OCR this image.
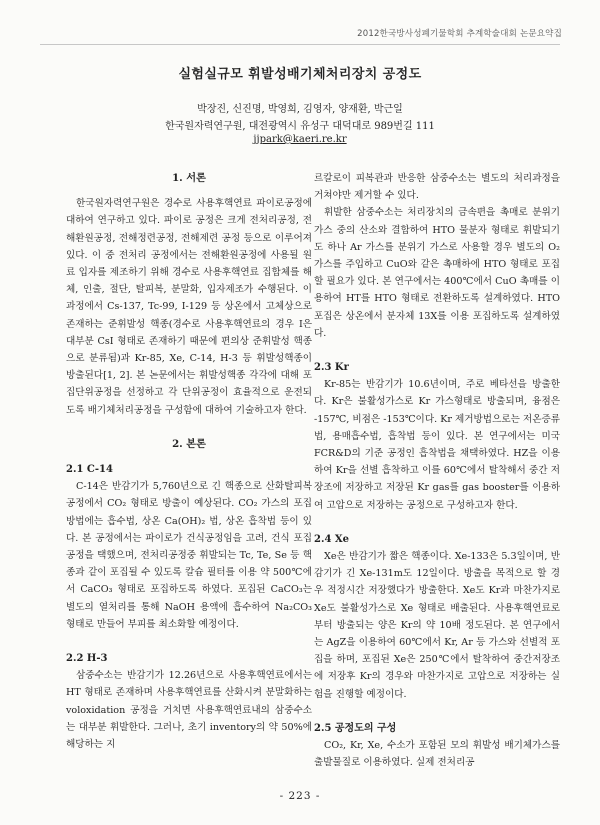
2012한국방사성폐기물학회 추계학술대회 논문요약집
실험실규모 휘발성배기체처리장치 공정도
박장진, 신진명, 박영희, 김영자, 양재환, 박근일
한국원자력연구원, 대전광역시 유성구 대덕대로 989번길 111
jjpark@kaeri.re.kr

1. 서론

한국원자력연구원은 경수로 사용후핵연료 파이로공정에 대하여 연구하고 있다. 파이로 공정은 크게 전처리공정, 전해환원공정, 전해정련공정, 전해제련 공정 등으로 이루어져 있다. 이 중 전처리 공정에서는 전해환원공정에 사용될 원료 입자를 제조하기 위해 경수로 사용후핵연료 집합체를 해체, 인출, 절단, 탈피복, 분말화, 입자제조가 수행된다. 이 과정에서 Cs-137, Tc-99, I-129 등 상온에서 고체상으로 존재하는 준휘발성 핵종(경수로 사용후핵연료의 경우 I은 대부분 CsI 형태로 존재하기 때문에 편의상 준휘발성 핵종으로 분류됨)과 Kr-85, Xe, C-14, H-3 등 휘발성핵종이 방출된다[1, 2]. 본 논문에서는 휘발성핵종 각각에 대해 포집단위공정을 선정하고 각 단위공정이 효율적으로 운전되도록 배기체처리공정을 구성함에 대하여 기술하고자 한다.

2. 본론

2.1 C-14

C-14은 반감기가 5,760년으로 긴 핵종으로 산화탈피복공정에서 CO₂ 형태로 방출이 예상된다. CO₂ 가스의 포집방법에는 흡수법, 상온 Ca(OH)₂ 법, 상온 흡착법 등이 있다. 본 공정에서는 파이로가 건식공정임을 고려, 건식 포집공정을 택했으며, 전처리공정중 휘발되는 Tc, Te, Se 등 핵종과 같이 포집될 수 있도록 칼슘 필터를 이용 약 500℃에서 CaCO₃ 형태로 포집하도록 하였다. 포집된 CaCO₃는 별도의 열처리를 통해 NaOH 용액에 흡수하여 Na₂CO₃ 형태로 만들어 부피를 최소화할 예정이다.

2.2 H-3

삼중수소는 반감기가 12.26년으로 사용후핵연료에서는 HT 형태로 존재하며 사용후핵연료를 산화시켜 분말화하는 voloxidation 공정을 거치면 사용후핵연료내의 삼중수소는 대부분 휘발한다. 그러나, 초기 inventory의 약 50%에 해당하는 지

르칼로이 피복관과 반응한 삼중수소는 별도의 처리과정을 거쳐야만 제거할 수 있다.

휘발한 삼중수소는 처리장치의 금속편을 촉매로 분위기가스 중의 산소와 결합하여 HTO 물분자 형태로 휘발되기도 하나 Ar 가스를 분위기 가스로 사용할 경우 별도의 O₂ 가스를 주입하고 CuO와 같은 촉매하에 HTO 형태로 포집할 필요가 있다. 본 연구에서는 400℃에서 CuO 촉매를 이용하여 HT를 HTO 형태로 전환하도록 설계하였다. HTO 포집은 상온에서 분자체 13X를 이용 포집하도록 설계하였다.

2.3 Kr

Kr-85는 반감기가 10.6년이며, 주로 베타선을 방출한다. Kr은 불활성가스로 Kr 가스형태로 방출되며, 융점은 -157℃, 비점은 -153℃이다. Kr 제거방법으로는 저온증류법, 용매흡수법, 흡착법 등이 있다. 본 연구에서는 미국 FCR&D의 기준 공정인 흡착법을 채택하였다. HZ을 이용하여 Kr을 선별 흡착하고 이를 60℃에서 탈착해서 중간 저장조에 저장하고 저장된 Kr gas를 gas booster를 이용하여 고압으로 저장하는 공정으로 구성하고자 한다.

2.4 Xe

Xe은 반감기가 짧은 핵종이다. Xe-133은 5.3일이며, 반감기가 긴 Xe-131m도 12일이다. 방출을 목적으로 할 경우 적정시간 저장했다가 방출한다. Xe도 Kr과 마찬가지로 Xe도 불활성가스로 Xe 형태로 배출된다. 사용후핵연료로 부터 방출되는 양은 Kr의 약 10배 정도된다. 본 연구에서는 AgZ을 이용하여 60℃에서 Kr, Ar 등 가스와 선별적 포집을 하며, 포집된 Xe은 250℃에서 탈착하여 중간저장조에 저장후 Kr의 경우와 마찬가지로 고압으로 저장하는 실험을 진행할 예정이다.

2.5 공정도의 구성

CO₂, Kr, Xe, 수소가 포함된 모의 휘발성 배기체가스를 출발물질로 이용하였다. 실제 전처리공

- 223 -
